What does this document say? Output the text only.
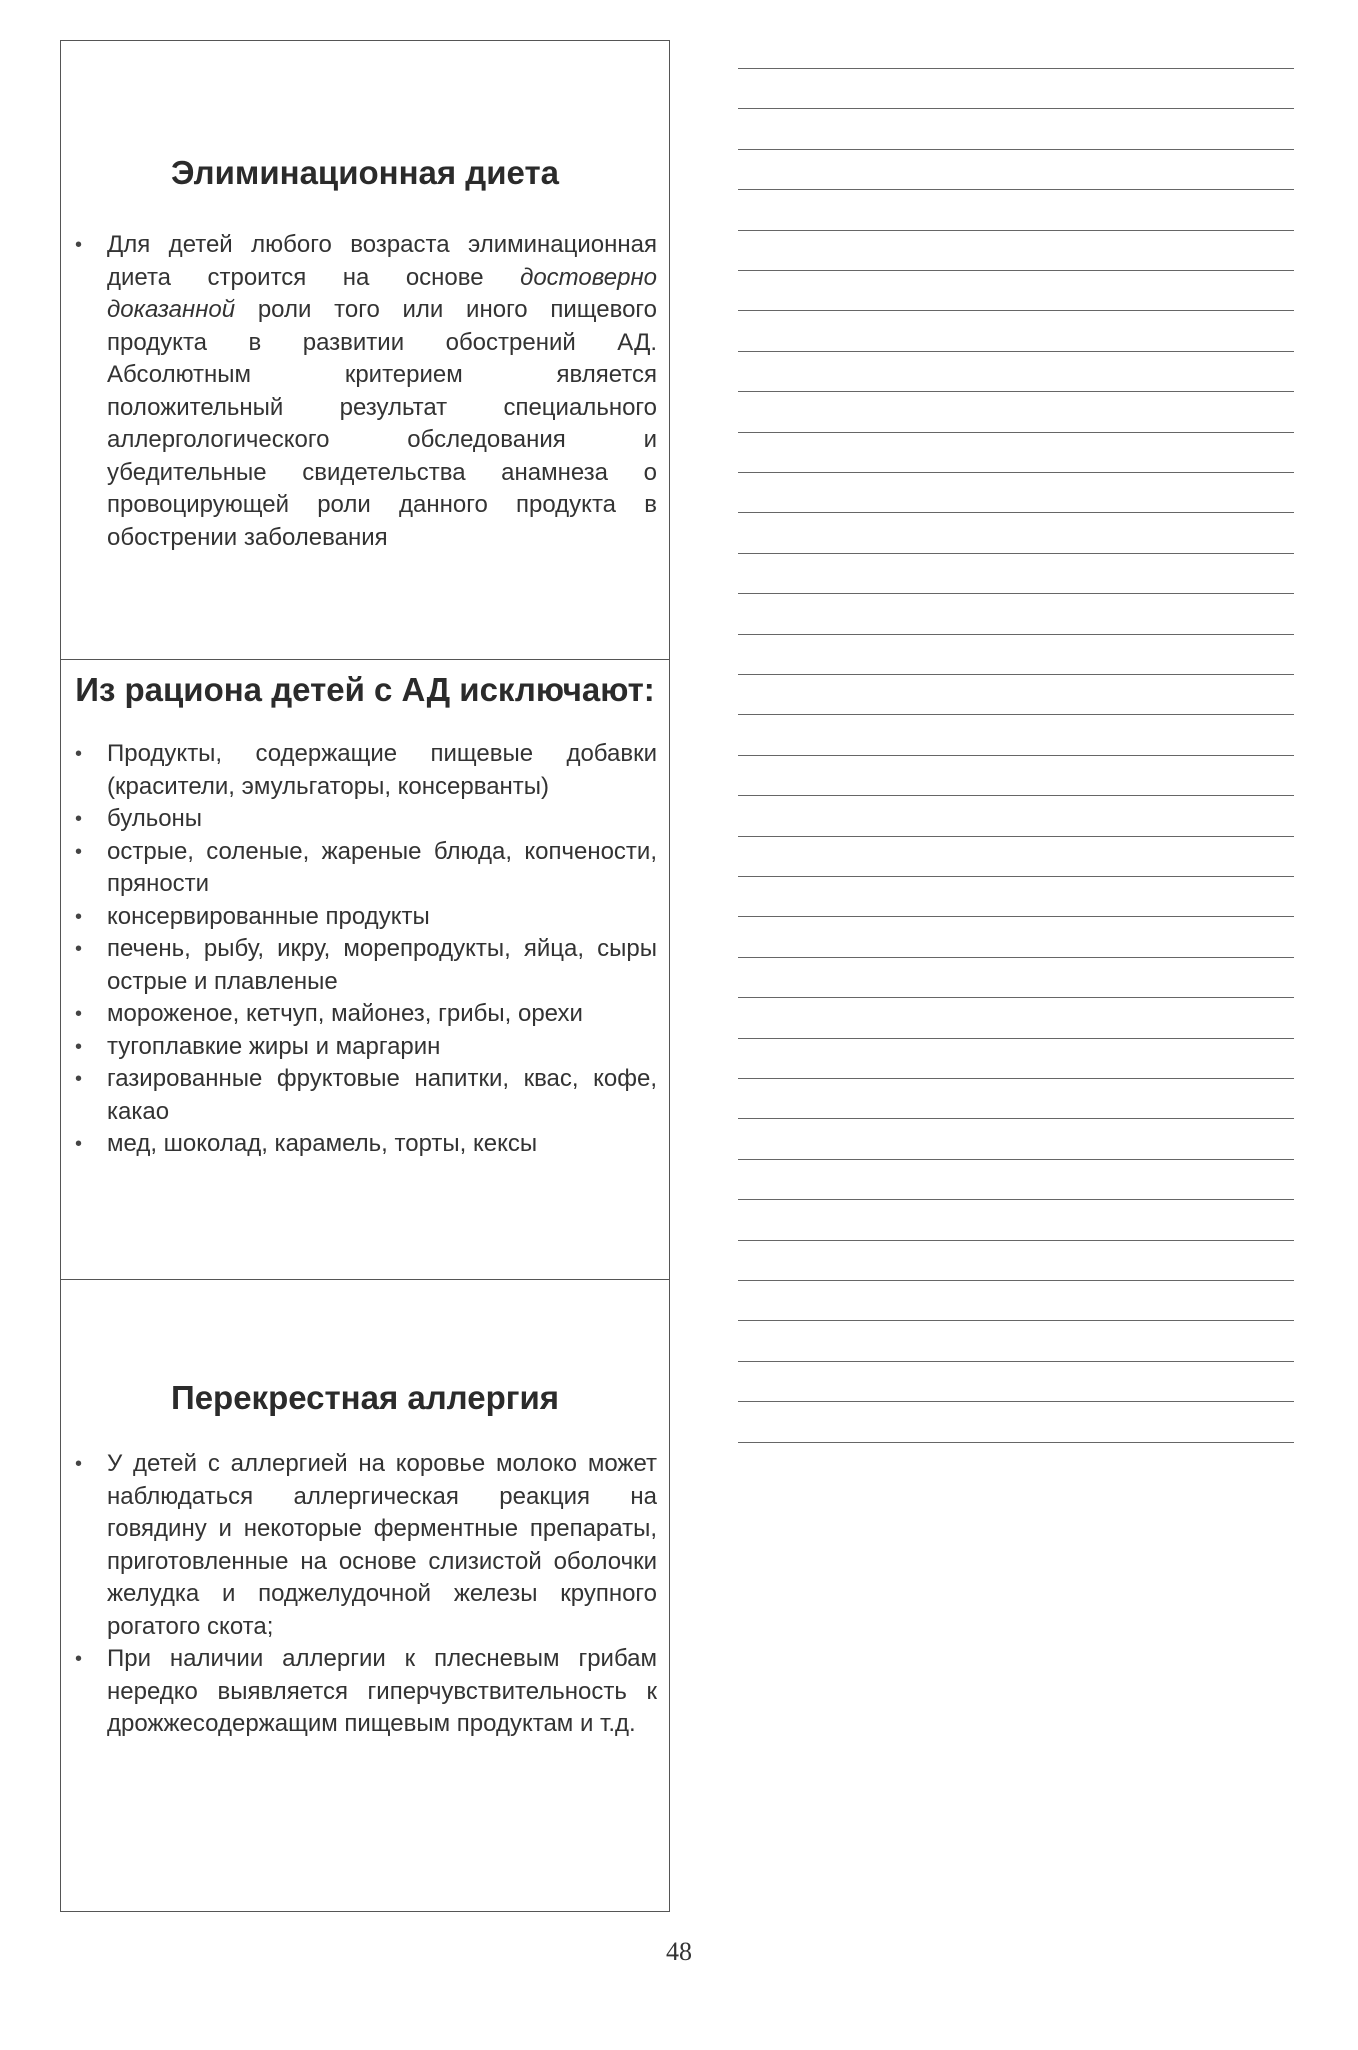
Элиминационная диета
• Для детей любого возраста элиминационная диета строится на основе достоверно доказанной роли того или иного пищевого продукта в развитии обострений АД. Абсолютным критерием является положительный результат специального аллергологического обследования и убедительные свидетельства анамнеза о провоцирующей роли данного продукта в обострении заболевания
Из рациона детей с АД исключают:
• Продукты, содержащие пищевые добавки (красители, эмульгаторы, консерванты)
• бульоны
• острые, соленые, жареные блюда, копчености, пряности
• консервированные продукты
• печень, рыбу, икру, морепродукты, яйца, сыры острые и плавленые
• мороженое, кетчуп, майонез, грибы, орехи
• тугоплавкие жиры и маргарин
• газированные фруктовые напитки, квас, кофе, какао
• мед, шоколад, карамель, торты, кексы
Перекрестная аллергия
• У детей с аллергией на коровье молоко может наблюдаться аллергическая реакция на говядину и некоторые ферментные препараты, приготовленные на основе слизистой оболочки желудка и поджелудочной железы крупного рогатого скота;
• При наличии аллергии к плесневым грибам нередко выявляется гиперчувствительность к дрожжесодержащим пищевым продуктам и т.д.
48
